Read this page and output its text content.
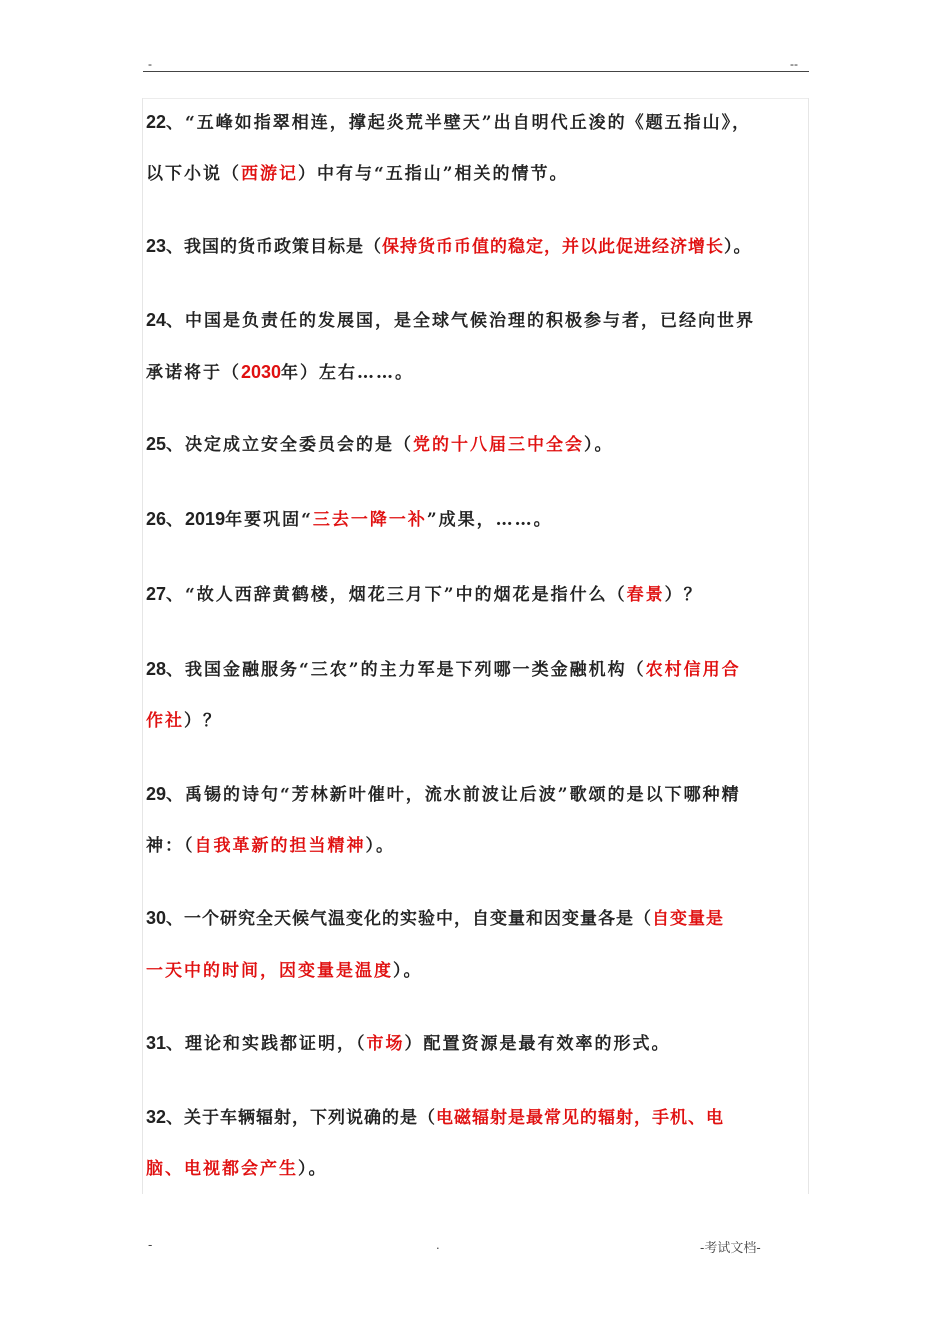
-	--
22、“五峰如指翠相连，撑起炎荒半壁天”出自明代丘浚的《题五指山》，
以下小说（西游记）中有与“五指山”相关的情节。
23、我国的货币政策目标是（保持货币币值的稳定，并以此促进经济增长）。
24、中国是负责任的发展国，是全球气候治理的积极参与者，已经向世界
承诺将于（2030年）左右……。
25、决定成立安全委员会的是（党的十八届三中全会）。
26、2019年要巩固“三去一降一补”成果，……。
27、“故人西辞黄鹤楼，烟花三月下”中的烟花是指什么（春景）？
28、我国金融服务“三农”的主力军是下列哪一类金融机构（农村信用合
作社）？
29、禹锡的诗句“芳林新叶催叶，流水前波让后波”歌颂的是以下哪种精
神：（自我革新的担当精神）。
30、一个研究全天候气温变化的实验中，自变量和因变量各是（自变量是
一天中的时间，因变量是温度）。
31、理论和实践都证明，（市场）配置资源是最有效率的形式。
32、关于车辆辐射，下列说确的是（电磁辐射是最常见的辐射，手机、电
脑、电视都会产生）。
-	.	-考试文档-
